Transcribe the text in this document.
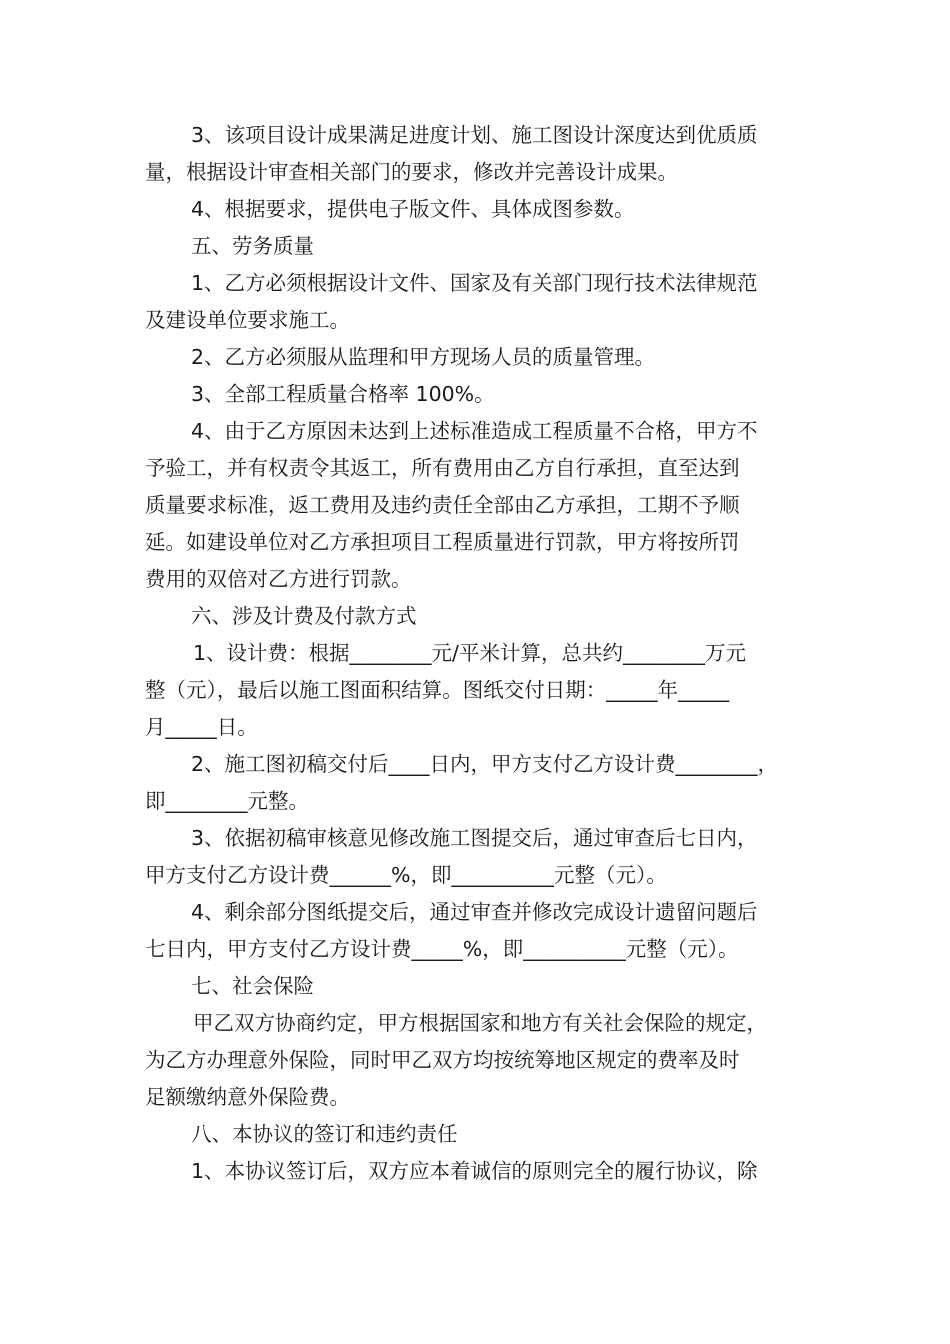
3、该项目设计成果满足进度计划、施工图设计深度达到优质质

量，根据设计审查相关部门的要求，修改并完善设计成果。

4、根据要求，提供电子版文件、具体成图参数。

五、劳务质量

1、乙方必须根据设计文件、国家及有关部门现行技术法律规范

及建设单位要求施工。

2、乙方必须服从监理和甲方现场人员的质量管理。

3、全部工程质量合格率 100%。

4、由于乙方原因未达到上述标准造成工程质量不合格，甲方不

予验工，并有权责令其返工，所有费用由乙方自行承担，直至达到

质量要求标准，返工费用及违约责任全部由乙方承担，工期不予顺

延。如建设单位对乙方承担项目工程质量进行罚款，甲方将按所罚

费用的双倍对乙方进行罚款。

六、涉及计费及付款方式

1、设计费：根据________元/平米计算，总共约________万元

整（元），最后以施工图面积结算。图纸交付日期：_____年_____

月_____日。

2、施工图初稿交付后____日内，甲方支付乙方设计费________，

即________元整。

3、依据初稿审核意见修改施工图提交后，通过审查后七日内，

甲方支付乙方设计费______%，即__________元整（元）。

4、剩余部分图纸提交后，通过审查并修改完成设计遗留问题后

七日内，甲方支付乙方设计费_____%，即__________元整（元）。

七、社会保险

甲乙双方协商约定，甲方根据国家和地方有关社会保险的规定，

为乙方办理意外保险，同时甲乙双方均按统筹地区规定的费率及时

足额缴纳意外保险费。

八、本协议的签订和违约责任

1、本协议签订后，双方应本着诚信的原则完全的履行协议，除
